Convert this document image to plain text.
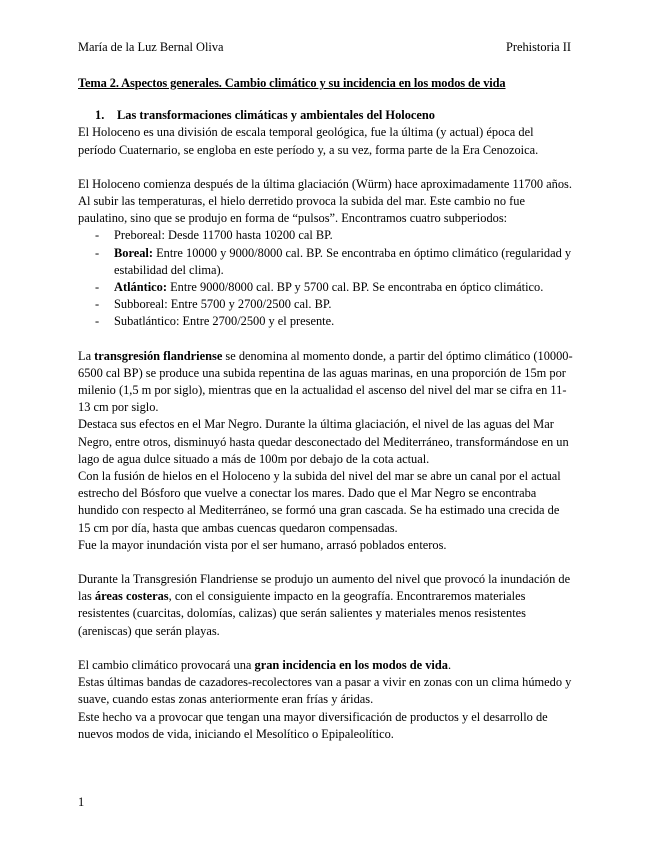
María de la Luz Bernal Oliva	Prehistoria II

Tema 2. Aspectos generales. Cambio climático y su incidencia en los modos de vida

1. Las transformaciones climáticas y ambientales del Holoceno

El Holoceno es una división de escala temporal geológica, fue la última (y actual) época del período Cuaternario, se engloba en este período y, a su vez, forma parte de la Era Cenozoica.

El Holoceno comienza después de la última glaciación (Würm) hace aproximadamente 11700 años. Al subir las temperaturas, el hielo derretido provoca la subida del mar. Este cambio no fue paulatino, sino que se produjo en forma de “pulsos”. Encontramos cuatro subperiodos:

- Preboreal: Desde 11700 hasta 10200 cal BP.
- Boreal: Entre 10000 y 9000/8000 cal. BP. Se encontraba en óptimo climático (regularidad y estabilidad del clima).
- Atlántico: Entre 9000/8000 cal. BP y 5700 cal. BP. Se encontraba en óptico climático.
- Subboreal: Entre 5700 y 2700/2500 cal. BP.
- Subatlántico: Entre 2700/2500 y el presente.

La transgresión flandriense se denomina al momento donde, a partir del óptimo climático (10000-6500 cal BP) se produce una subida repentina de las aguas marinas, en una proporción de 15m por milenio (1,5 m por siglo), mientras que en la actualidad el ascenso del nivel del mar se cifra en 11-13 cm por siglo.

Destaca sus efectos en el Mar Negro. Durante la última glaciación, el nivel de las aguas del Mar Negro, entre otros, disminuyó hasta quedar desconectado del Mediterráneo, transformándose en un lago de agua dulce situado a más de 100m por debajo de la cota actual.

Con la fusión de hielos en el Holoceno y la subida del nivel del mar se abre un canal por el actual estrecho del Bósforo que vuelve a conectar los mares. Dado que el Mar Negro se encontraba hundido con respecto al Mediterráneo, se formó una gran cascada. Se ha estimado una crecida de 15 cm por día, hasta que ambas cuencas quedaron compensadas.

Fue la mayor inundación vista por el ser humano, arrasó poblados enteros.

Durante la Transgresión Flandriense se produjo un aumento del nivel que provocó la inundación de las áreas costeras, con el consiguiente impacto en la geografía. Encontraremos materiales resistentes (cuarcitas, dolomías, calizas) que serán salientes y materiales menos resistentes (areniscas) que serán playas.

El cambio climático provocará una gran incidencia en los modos de vida.

Estas últimas bandas de cazadores-recolectores van a pasar a vivir en zonas con un clima húmedo y suave, cuando estas zonas anteriormente eran frías y áridas.

Este hecho va a provocar que tengan una mayor diversificación de productos y el desarrollo de nuevos modos de vida, iniciando el Mesolítico o Epipaleolítico.

1
